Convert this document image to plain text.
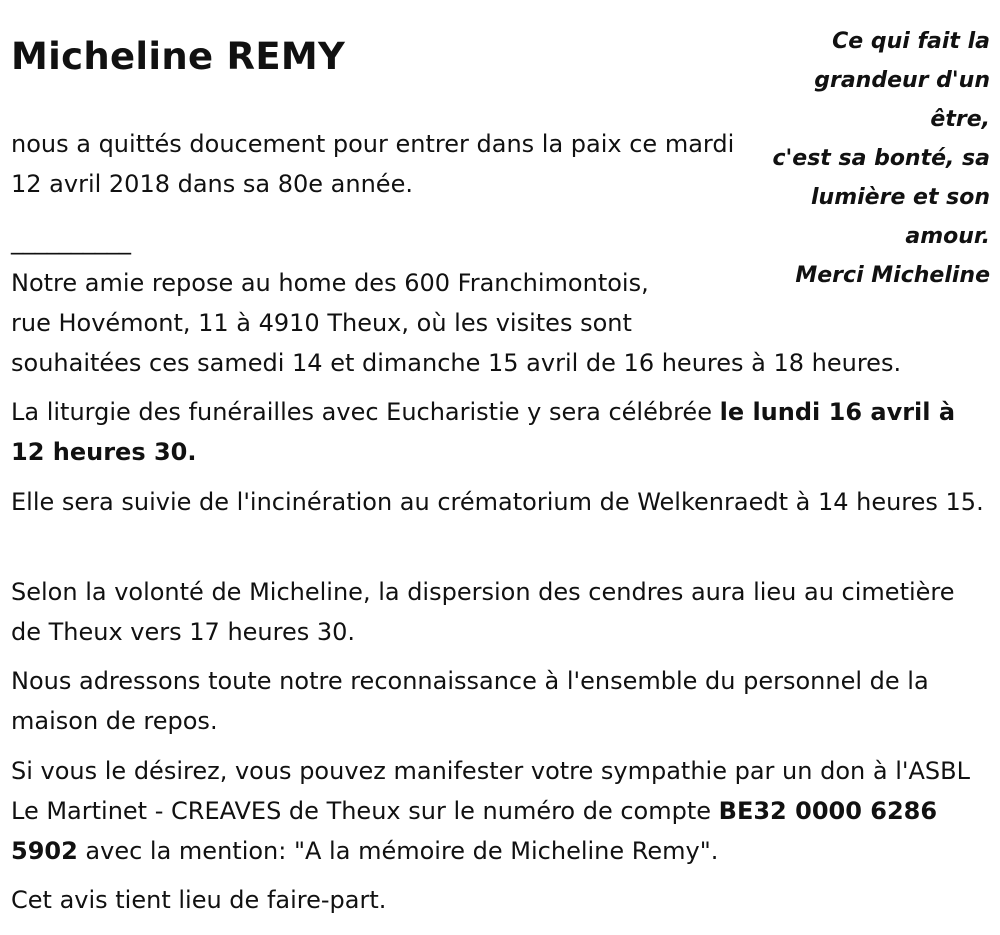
Micheline REMY	Ce qui fait la
grandeur d'un
être,
c'est sa bonté, sa
lumière et son
amour.
Merci Micheline

nous a quittés doucement pour entrer dans la paix ce mardi 12 avril 2018 dans sa 80e année.

__________
Notre amie repose au home des 600 Franchimontois,
rue Hovémont, 11 à 4910 Theux, où les visites sont
souhaitées ces samedi 14 et dimanche 15 avril de 16 heures à 18 heures.

La liturgie des funérailles avec Eucharistie y sera célébrée le lundi 16 avril à 12 heures 30.

Elle sera suivie de l'incinération au crématorium de Welkenraedt à 14 heures 15.

Selon la volonté de Micheline, la dispersion des cendres aura lieu au cimetière de Theux vers 17 heures 30.

Nous adressons toute notre reconnaissance à l'ensemble du personnel de la maison de repos.

Si vous le désirez, vous pouvez manifester votre sympathie par un don à l'ASBL Le Martinet - CREAVES de Theux sur le numéro de compte BE32 0000 6286 5902 avec la mention: "A la mémoire de Micheline Remy".

Cet avis tient lieu de faire-part.
